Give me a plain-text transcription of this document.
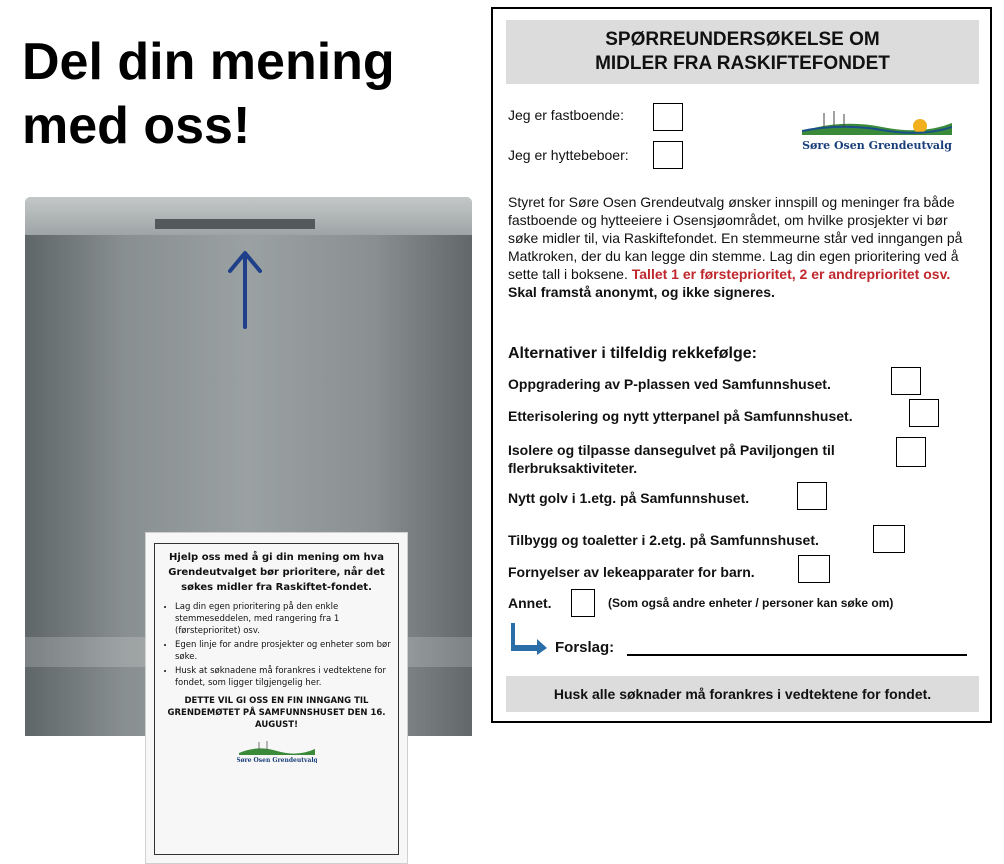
Del din mening
med oss!
Hjelp oss med å gi din mening om hva Grendeutvalget bør prioritere, når det søkes midler fra Raskiftet-fondet.
• Lag din egen prioritering på den enkle stemmeseddelen, med rangering fra 1 (førsteprioritet) osv.
• Egen linje for andre prosjekter og enheter som bør søke.
• Husk at søknadene må forankres i vedtektene for fondet, som ligger tilgjengelig her.
DETTE VIL GI OSS EN FIN INNGANG TIL GRENDEMØTET PÅ SAMFUNNSHUSET DEN 16. AUGUST!
Søre Osen Grendeutvalg
SPØRREUNDERSØKELSE OM
MIDLER FRA RASKIFTEFONDET
Jeg er fastboende:
Jeg er hyttebeboer:
Søre Osen Grendeutvalg
Styret for Søre Osen Grendeutvalg ønsker innspill og meninger fra både fastboende og hytteeiere i Osensjøområdet, om hvilke prosjekter vi bør søke midler til, via Raskiftefondet. En stemmeurne står ved inngangen på Matkroken, der du kan legge din stemme. Lag din egen prioritering ved å sette tall i boksene. Tallet 1 er førsteprioritet, 2 er andreprioritet osv. Skal framstå anonymt, og ikke signeres.
Alternativer i tilfeldig rekkefølge:
Oppgradering av P-plassen ved Samfunnshuset.
Etterisolering og nytt ytterpanel på Samfunnshuset.
Isolere og tilpasse dansegulvet på Paviljongen til flerbruksaktiviteter.
Nytt golv i 1.etg. på Samfunnshuset.
Tilbygg og toaletter i 2.etg. på Samfunnshuset.
Fornyelser av lekeapparater for barn.
Annet.	(Som også andre enheter / personer kan søke om)
Forslag:
Husk alle søknader må forankres i vedtektene for fondet.
